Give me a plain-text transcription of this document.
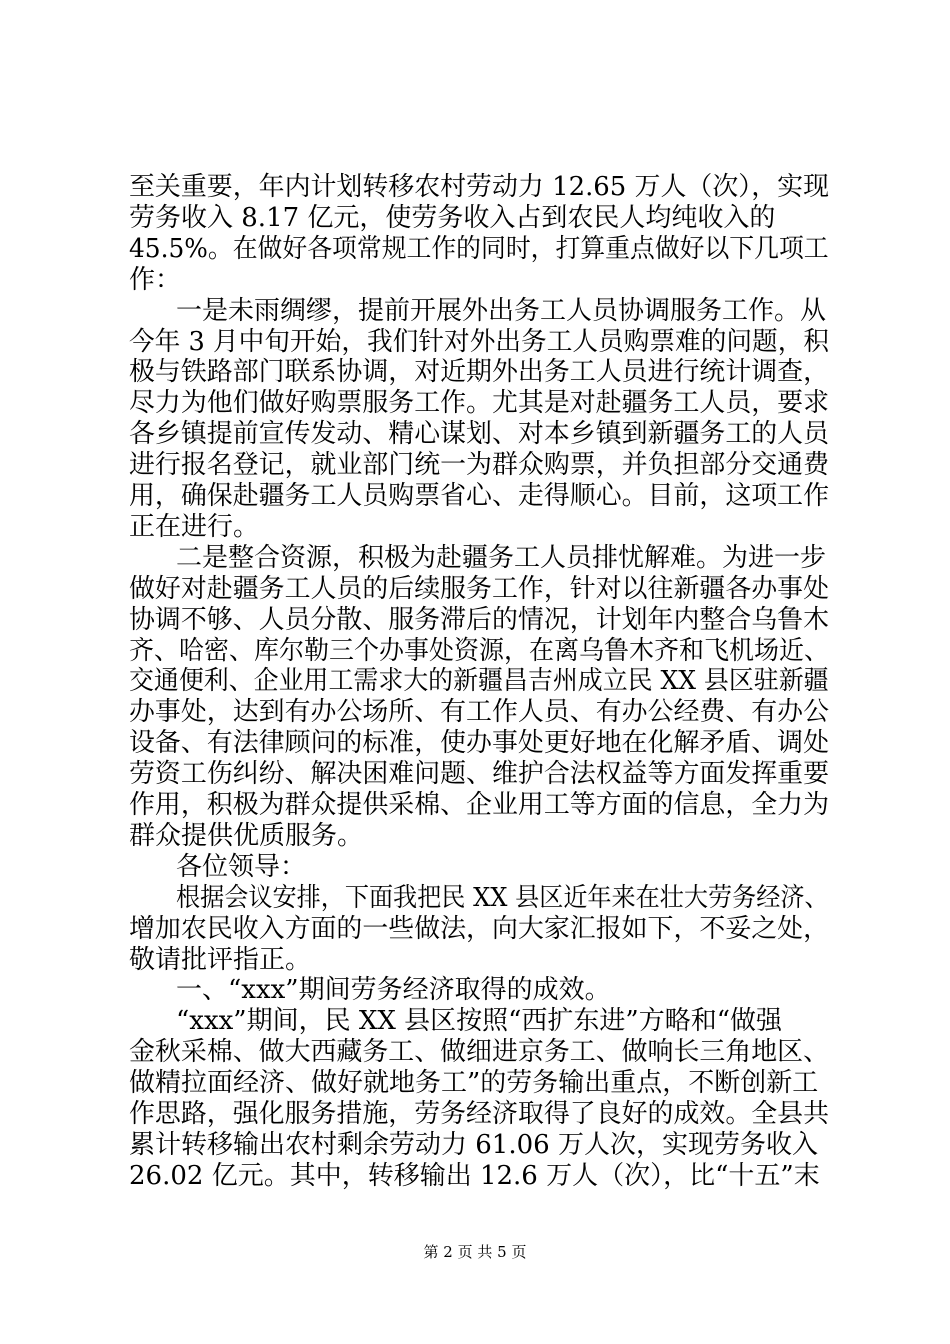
至关重要，年内计划转移农村劳动力 12.65 万人（次），实现

劳务收入 8.17 亿元，使劳务收入占到农民人均纯收入的

45.5%。在做好各项常规工作的同时，打算重点做好以下几项工

作：

一是未雨绸缪，提前开展外出务工人员协调服务工作。从

今年 3 月中旬开始，我们针对外出务工人员购票难的问题，积

极与铁路部门联系协调，对近期外出务工人员进行统计调查，

尽力为他们做好购票服务工作。尤其是对赴疆务工人员，要求

各乡镇提前宣传发动、精心谋划、对本乡镇到新疆务工的人员

进行报名登记，就业部门统一为群众购票，并负担部分交通费

用，确保赴疆务工人员购票省心、走得顺心。目前，这项工作

正在进行。

二是整合资源，积极为赴疆务工人员排忧解难。为进一步

做好对赴疆务工人员的后续服务工作，针对以往新疆各办事处

协调不够、人员分散、服务滞后的情况，计划年内整合乌鲁木

齐、哈密、库尔勒三个办事处资源，在离乌鲁木齐和飞机场近、

交通便利、企业用工需求大的新疆昌吉州成立民 XX 县区驻新疆

办事处，达到有办公场所、有工作人员、有办公经费、有办公

设备、有法律顾问的标准，使办事处更好地在化解矛盾、调处

劳资工伤纠纷、解决困难问题、维护合法权益等方面发挥重要

作用，积极为群众提供采棉、企业用工等方面的信息，全力为

群众提供优质服务。

各位领导：

根据会议安排，下面我把民 XX 县区近年来在壮大劳务经济、

增加农民收入方面的一些做法，向大家汇报如下，不妥之处，

敬请批评指正。

一、“xxx”期间劳务经济取得的成效。

“xxx”期间，民 XX 县区按照“西扩东进”方略和“做强

金秋采棉、做大西藏务工、做细进京务工、做响长三角地区、

做精拉面经济、做好就地务工”的劳务输出重点，不断创新工

作思路，强化服务措施，劳务经济取得了良好的成效。全县共

累计转移输出农村剩余劳动力 61.06 万人次，实现劳务收入

26.02 亿元。其中，转移输出 12.6 万人（次），比“十五”末

第 2 页 共 5 页
